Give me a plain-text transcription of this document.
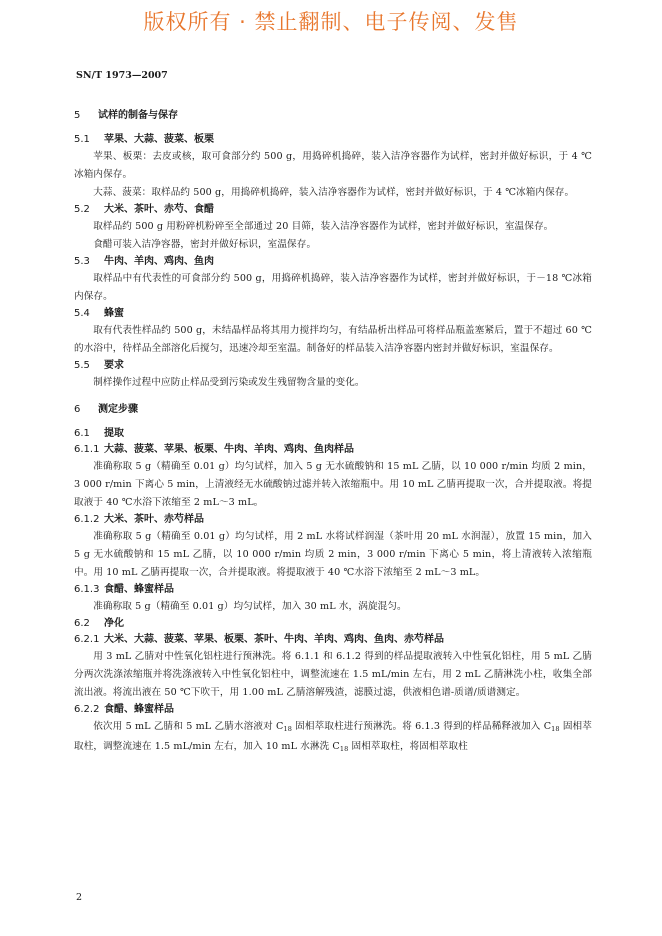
版权所有 · 禁止翻制、电子传阅、发售
SN/T 1973—2007
5 试样的制备与保存
5.1 苹果、大蒜、菠菜、板栗

苹果、板栗：去皮或核，取可食部分约 500 g，用捣碎机捣碎，装入洁净容器作为试样，密封并做好标识，于 4 ℃冰箱内保存。

大蒜、菠菜：取样品约 500 g，用捣碎机捣碎，装入洁净容器作为试样，密封并做好标识，于 4 ℃冰箱内保存。

5.2 大米、茶叶、赤芍、食醋

取样品约 500 g 用粉碎机粉碎至全部通过 20 目筛，装入洁净容器作为试样，密封并做好标识，室温保存。

食醋可装入洁净容器，密封并做好标识，室温保存。

5.3 牛肉、羊肉、鸡肉、鱼肉

取样品中有代表性的可食部分约 500 g，用捣碎机捣碎，装入洁净容器作为试样，密封并做好标识，于－18 ℃冰箱内保存。

5.4 蜂蜜

取有代表性样品约 500 g，未结晶样品将其用力搅拌均匀，有结晶析出样品可将样品瓶盖塞紧后，置于不超过 60 ℃的水浴中，待样品全部溶化后搅匀，迅速冷却至室温。制备好的样品装入洁净容器内密封并做好标识，室温保存。

5.5 要求

制样操作过程中应防止样品受到污染或发生残留物含量的变化。

6 测定步骤
6.1 提取
6.1.1 大蒜、菠菜、苹果、板栗、牛肉、羊肉、鸡肉、鱼肉样品

准确称取 5 g（精确至 0.01 g）均匀试样，加入 5 g 无水硫酸钠和 15 mL 乙腈，以 10 000 r/min 均质 2 min，3 000 r/min 下离心 5 min，上清液经无水硫酸钠过滤并转入浓缩瓶中。用 10 mL 乙腈再提取一次，合并提取液。将提取液于 40 ℃水浴下浓缩至 2 mL～3 mL。

6.1.2 大米、茶叶、赤芍样品

准确称取 5 g（精确至 0.01 g）均匀试样，用 2 mL 水将试样润湿（茶叶用 20 mL 水润湿），放置 15 min，加入 5 g 无水硫酸钠和 15 mL 乙腈，以 10 000 r/min 均质 2 min，3 000 r/min 下离心 5 min，将上清液转入浓缩瓶中。用 10 mL 乙腈再提取一次，合并提取液。将提取液于 40 ℃水浴下浓缩至 2 mL～3 mL。

6.1.3 食醋、蜂蜜样品

准确称取 5 g（精确至 0.01 g）均匀试样，加入 30 mL 水，涡旋混匀。

6.2 净化
6.2.1 大米、大蒜、菠菜、苹果、板栗、茶叶、牛肉、羊肉、鸡肉、鱼肉、赤芍样品

用 3 mL 乙腈对中性氧化铝柱进行预淋洗。将 6.1.1 和 6.1.2 得到的样品提取液转入中性氧化铝柱，用 5 mL 乙腈分两次洗涤浓缩瓶并将洗涤液转入中性氧化铝柱中，调整流速在 1.5 mL/min 左右，用 2 mL 乙腈淋洗小柱，收集全部流出液。将流出液在 50 ℃下吹干，用 1.00 mL 乙腈溶解残渣，滤膜过滤，供液相色谱-质谱/质谱测定。

6.2.2 食醋、蜂蜜样品

依次用 5 mL 乙腈和 5 mL 乙腈水溶液对 $C_{18}$ 固相萃取柱进行预淋洗。将 6.1.3 得到的样品稀释液加入 $C_{18}$ 固相萃取柱，调整流速在 1.5 mL/min 左右，加入 10 mL 水淋洗 $C_{18}$ 固相萃取柱，将固相萃取柱

2
